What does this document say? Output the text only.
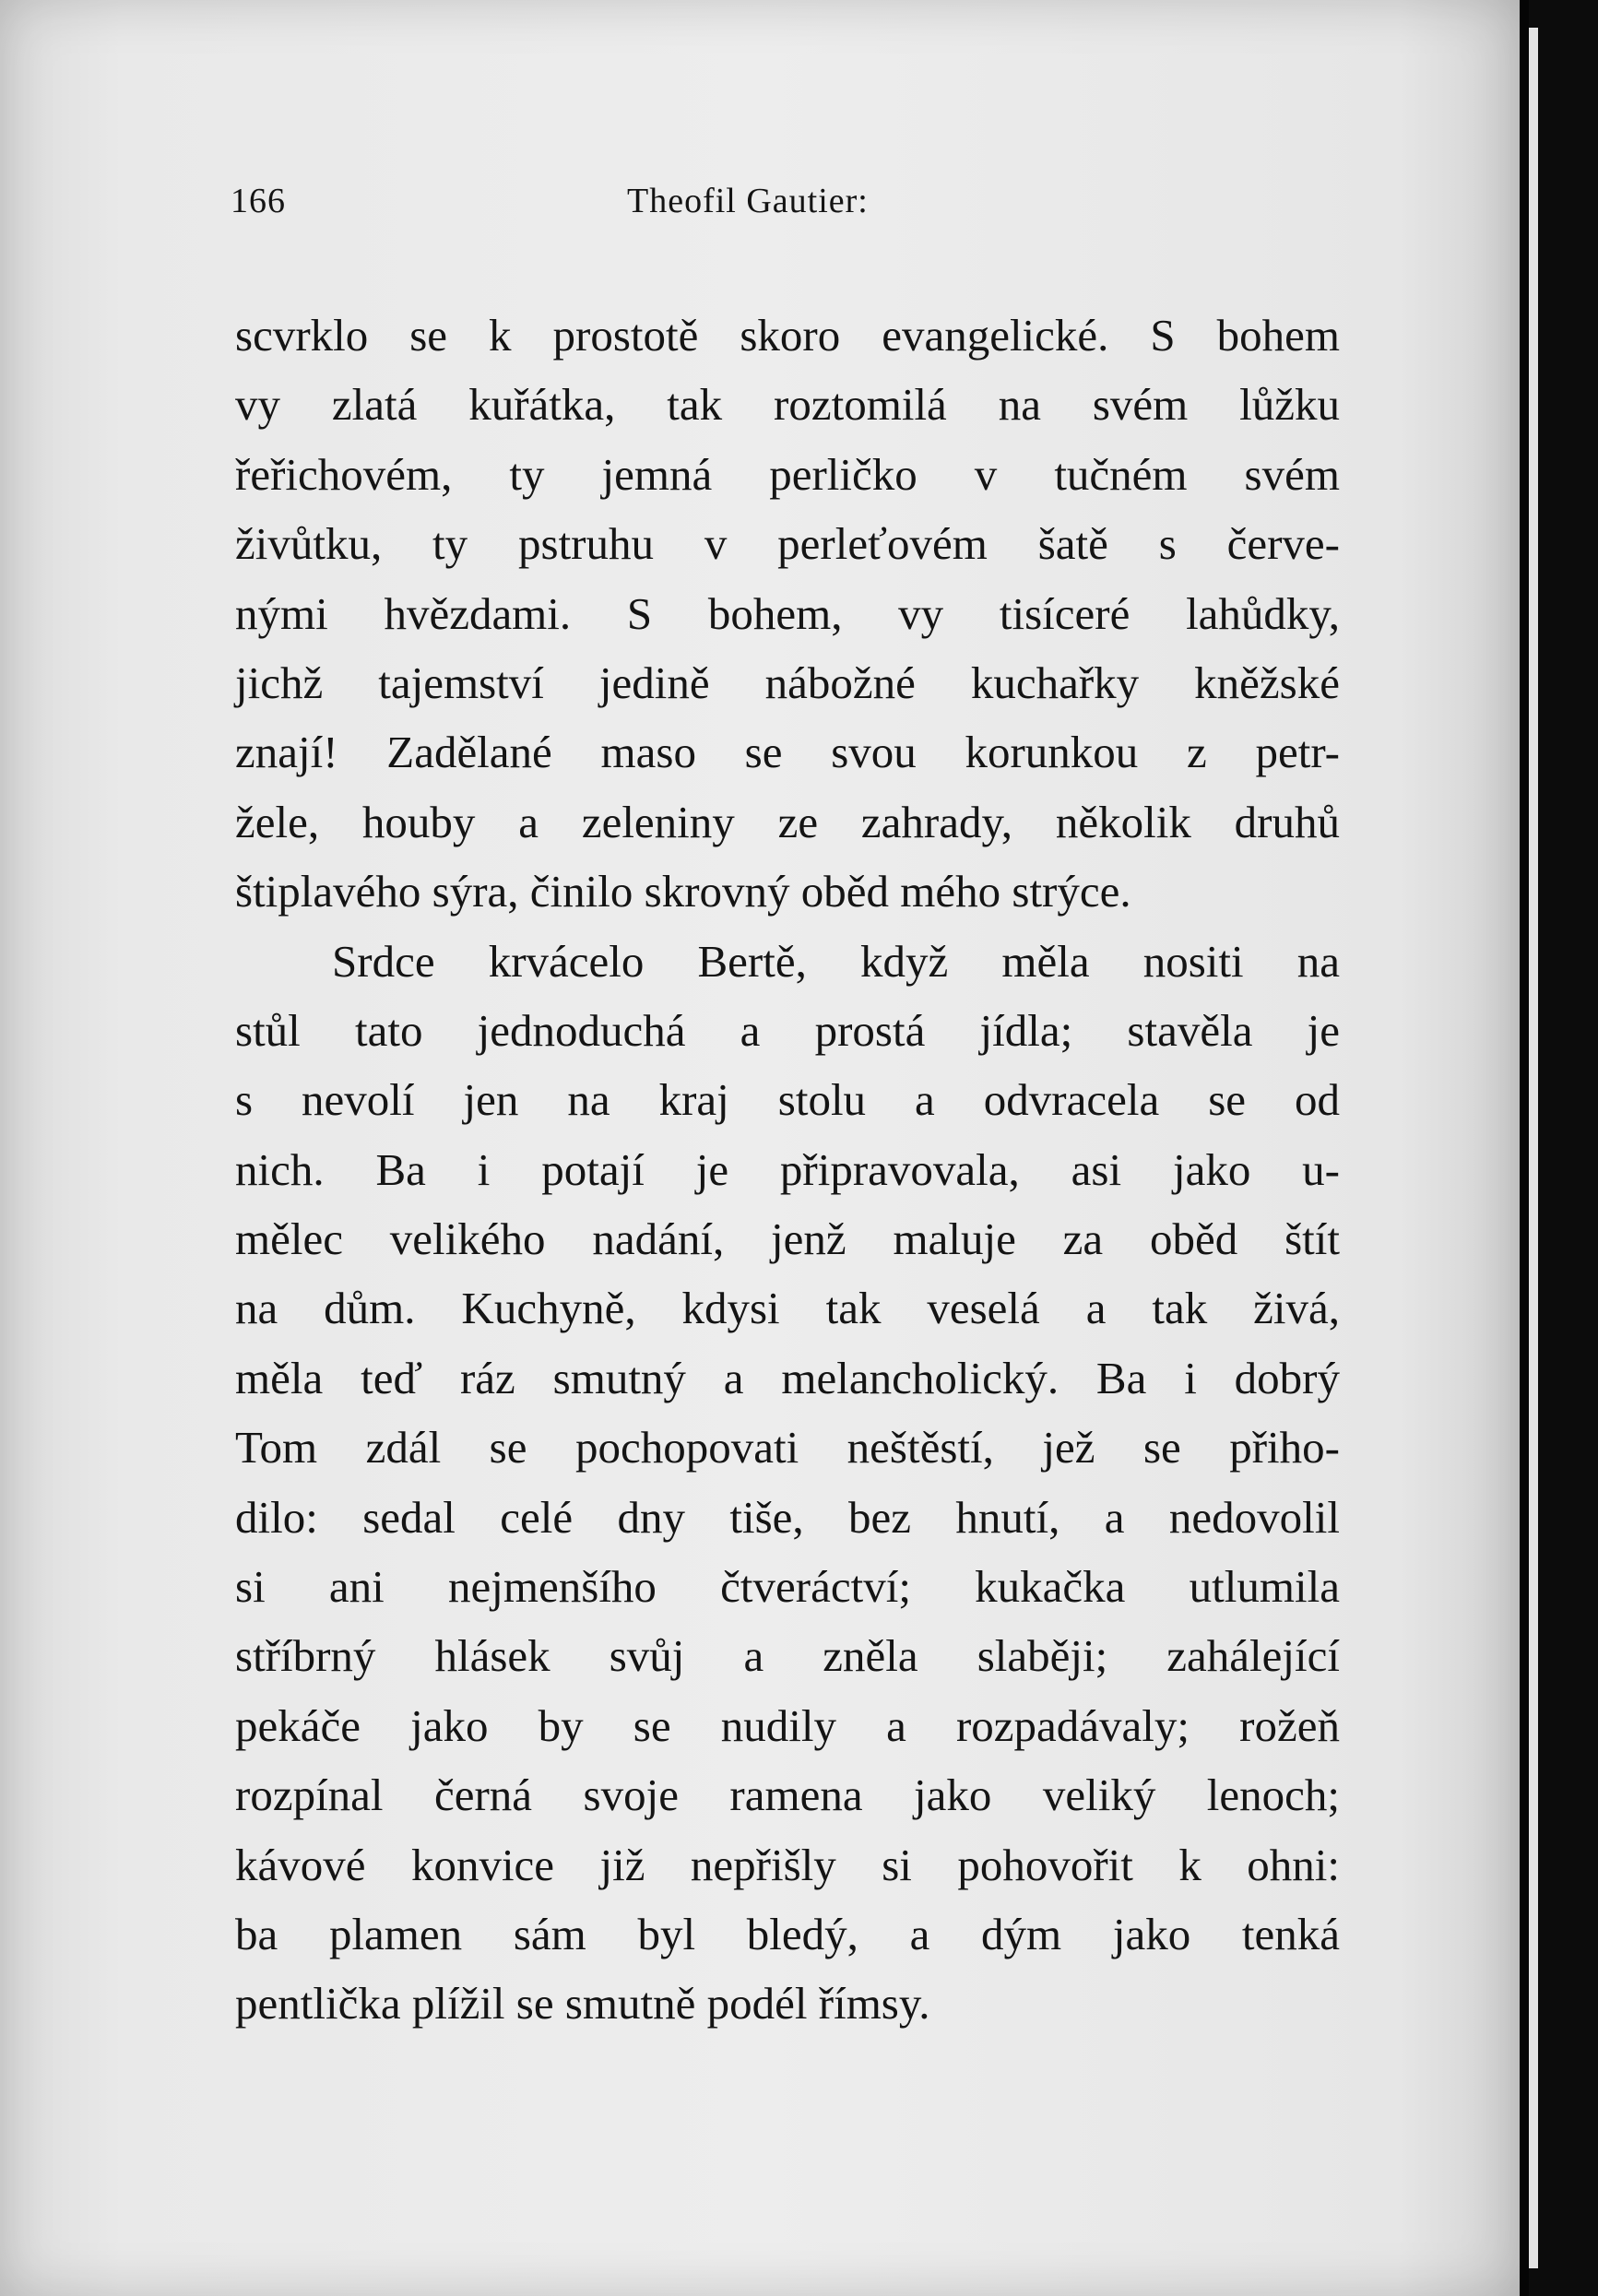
166	Theofil Gautier:
scvrklo se k prostotě skoro evangelické. S bohem
vy zlatá kuřátka, tak roztomilá na svém lůžku
řeřichovém, ty jemná perličko v tučném svém
živůtku, ty pstruhu v perleťovém šatě s červe-
nými hvězdami. S bohem, vy tisíceré lahůdky,
jichž tajemství jedině nábožné kuchařky kněžské
znají! Zadělané maso se svou korunkou z petr-
žele, houby a zeleniny ze zahrady, několik druhů
štiplavého sýra, činilo skrovný oběd mého strýce.
Srdce krvácelo Bertě, když měla nositi na
stůl tato jednoduchá a prostá jídla; stavěla je
s nevolí jen na kraj stolu a odvracela se od
nich. Ba i potají je připravovala, asi jako u-
mělec velikého nadání, jenž maluje za oběd štít
na dům. Kuchyně, kdysi tak veselá a tak živá,
měla teď ráz smutný a melancholický. Ba i dobrý
Tom zdál se pochopovati neštěstí, jež se přiho-
dilo: sedal celé dny tiše, bez hnutí, a nedovolil
si ani nejmenšího čtveráctví; kukačka utlumila
stříbrný hlásek svůj a zněla slaběji; zahálející
pekáče jako by se nudily a rozpadávaly; rožeň
rozpínal černá svoje ramena jako veliký lenoch;
kávové konvice již nepřišly si pohovořit k ohni:
ba plamen sám byl bledý, a dým jako tenká
pentlička plížil se smutně podél římsy.
